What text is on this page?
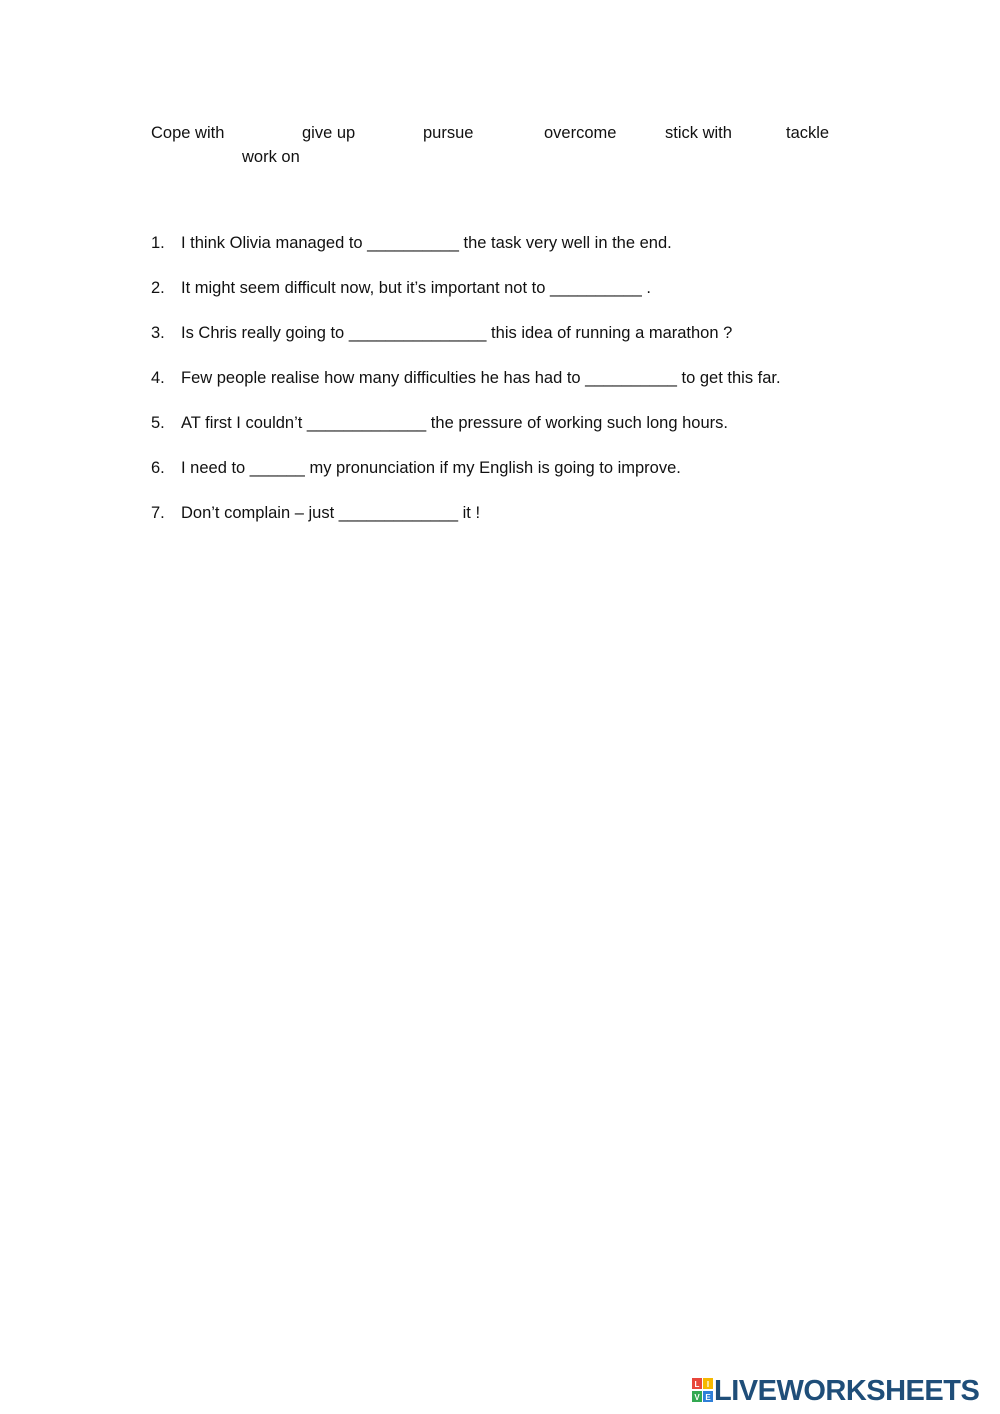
Cope with	give up	pursue	overcome	stick with	tackle
work on
1. I think Olivia managed to __________ the task very well in the end.
2. It might seem difficult now, but it’s important not to __________ .
3. Is Chris really going to _______________ this idea of running a marathon ?
4. Few people realise how many difficulties he has had to __________ to get this far.
5. AT first I couldn’t _____________ the pressure of working such long hours.
6. I need to ______ my pronunciation if my English is going to improve.
7. Don’t complain – just _____________ it !
L I
V E LIVEWORKSHEETS
